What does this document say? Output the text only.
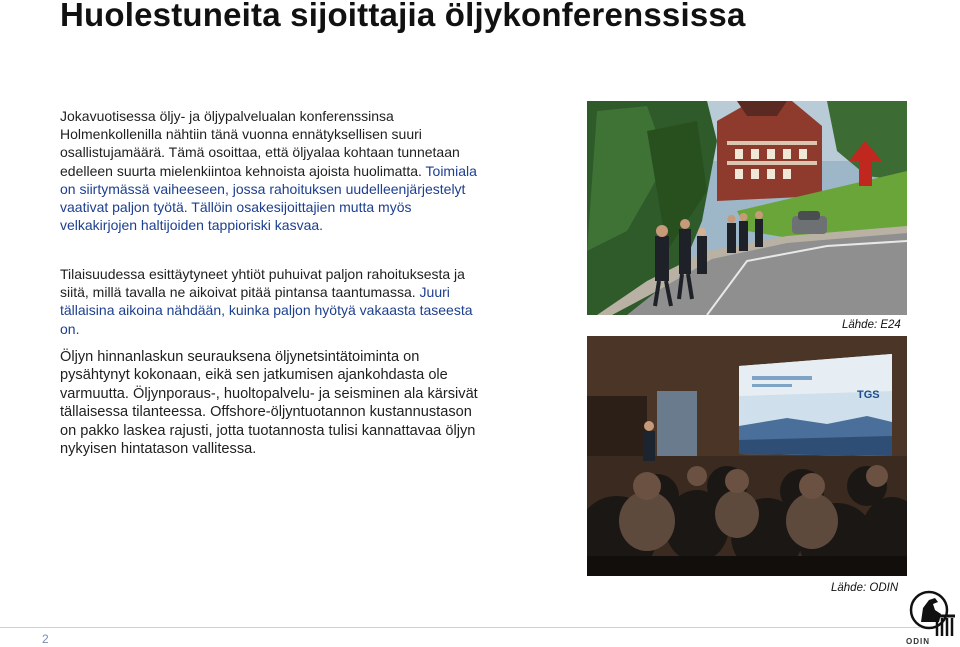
Huolestuneita sijoittajia öljykonferenssissa

Jokavuotisessa öljy- ja öljypalvelualan konferenssinsa Holmenkollenilla nähtiin tänä vuonna ennätyksellisen suuri osallistujamäärä. Tämä osoittaa, että öljyalaa kohtaan tunnetaan edelleen suurta mielenkiintoa kehnoista ajoista huolimatta. Toimiala on siirtymässä vaiheeseen, jossa rahoituksen uudelleenjärjestelyt vaativat paljon työtä. Tällöin osakesijoittajien mutta myös velkakirjojen haltijoiden tappioriski kasvaa.

Tilaisuudessa esittäytyneet yhtiöt puhuivat paljon rahoituksesta ja siitä, millä tavalla ne aikoivat pitää pintansa taantumassa. Juuri tällaisina aikoina nähdään, kuinka paljon hyötyä vakaasta taseesta on.

Öljyn hinnanlaskun seurauksena öljynetsintätoiminta on pysähtynyt kokonaan, eikä sen jatkumisen ajankohdasta ole varmuutta. Öljynporaus-, huoltopalvelu- ja seisminen ala kärsivät tällaisessa tilanteessa. Offshore-öljyntuotannon kustannustason on pakko laskea rajusti, jotta tuotannosta tulisi kannattavaa öljyn nykyisen hintatason vallitessa.

Lähde: E24
TGS
Lähde: ODIN
2	ODIN
